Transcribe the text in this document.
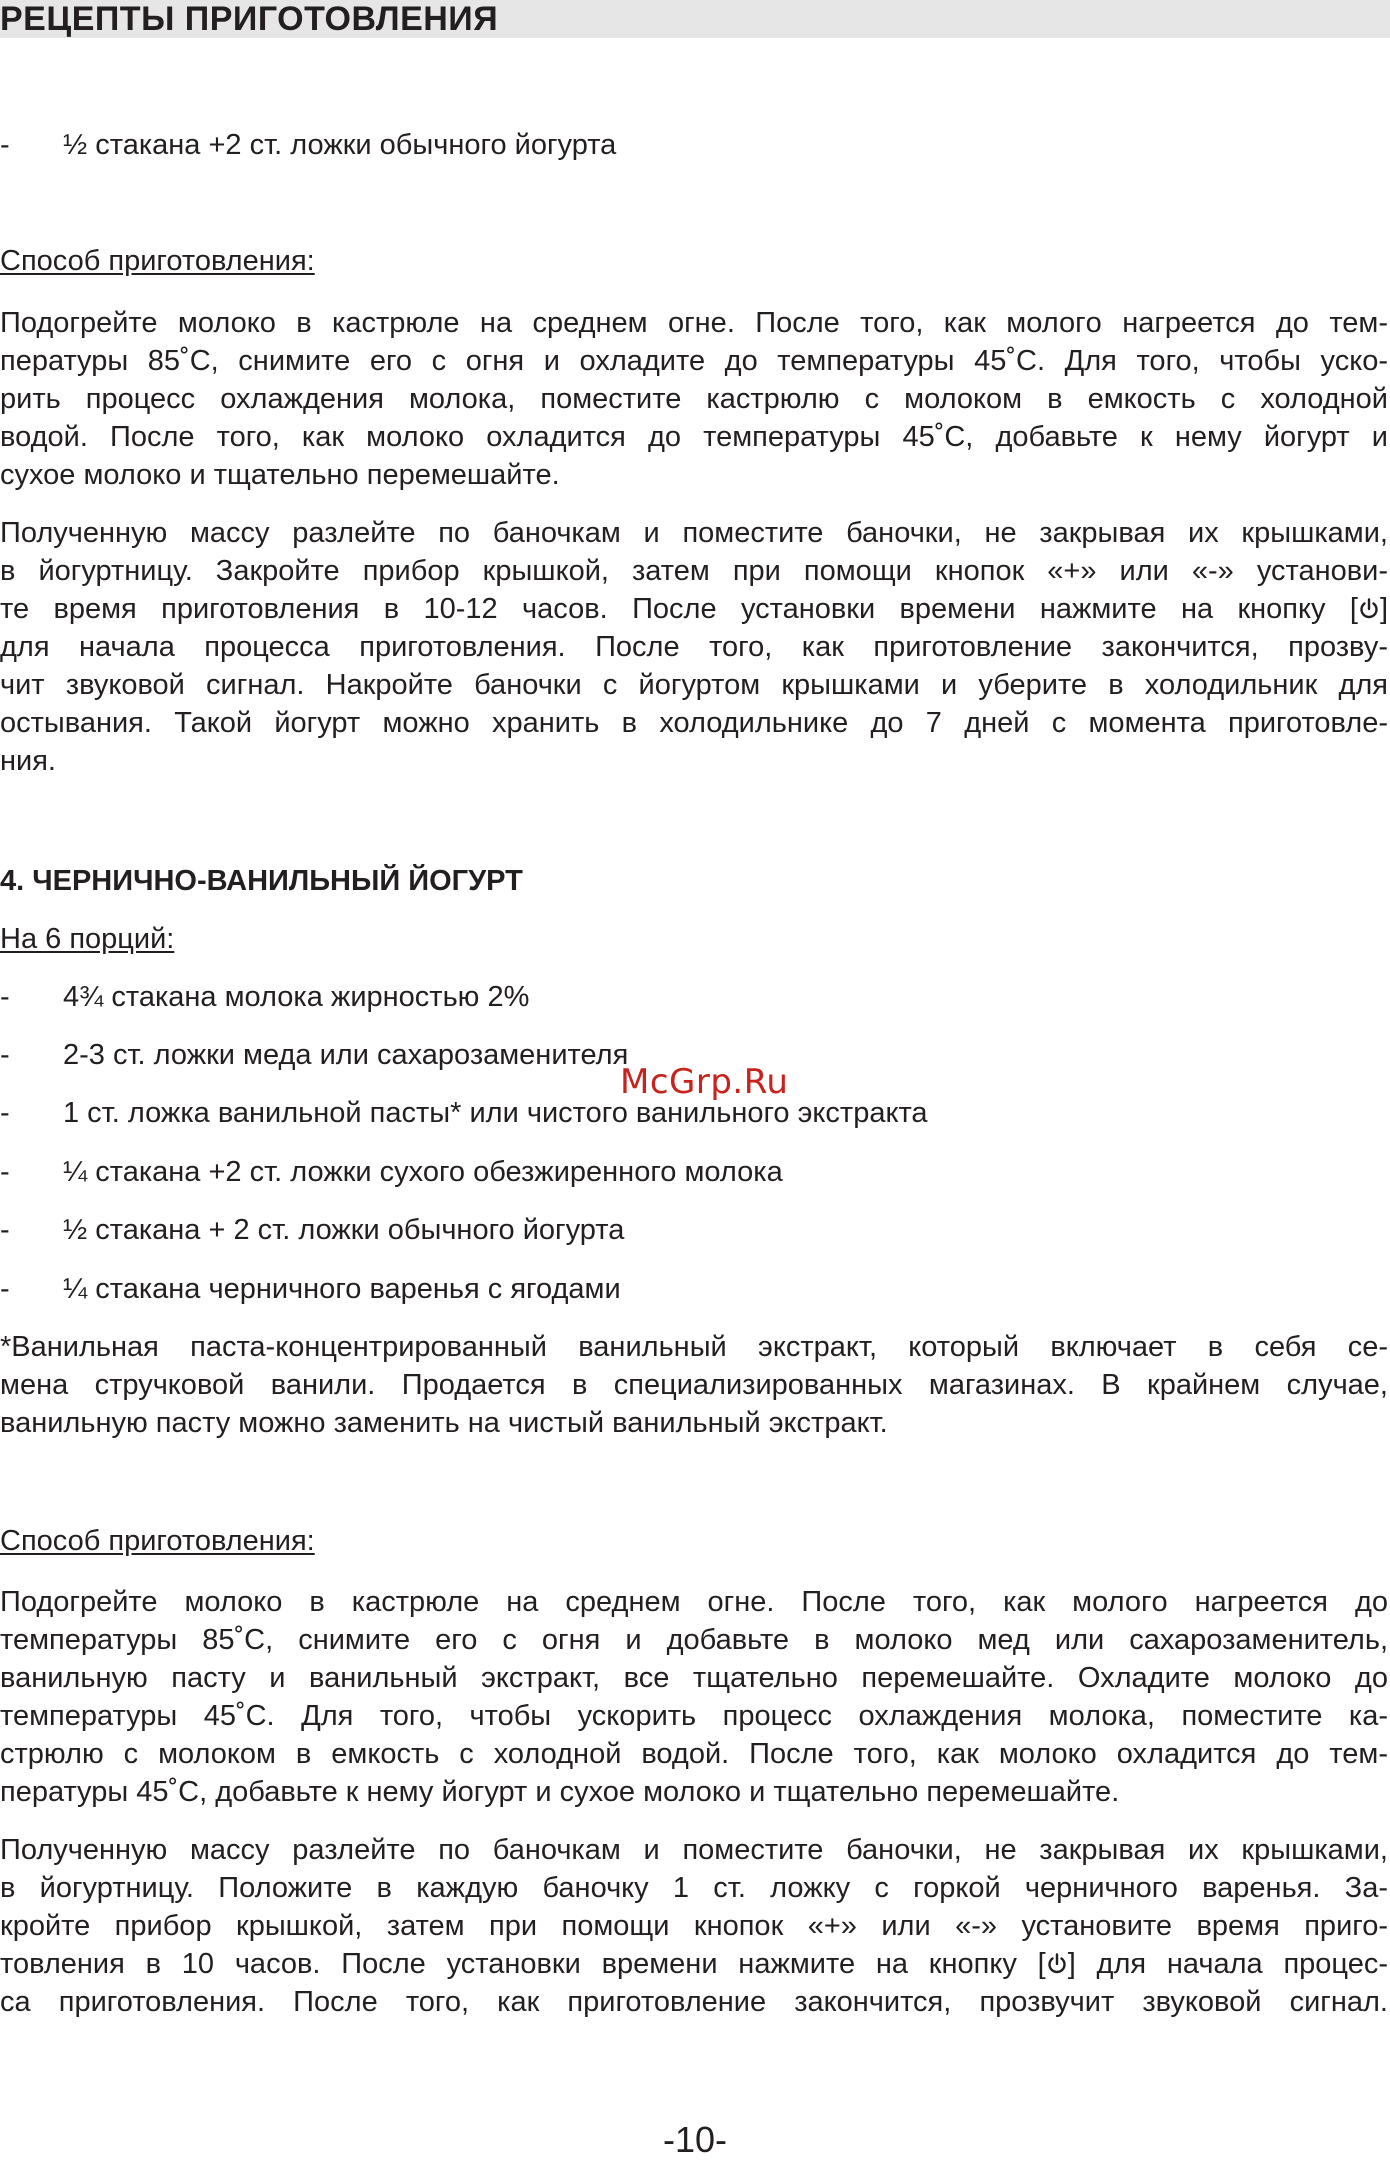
РЕЦЕПТЫ ПРИГОТОВЛЕНИЯ
- ½ стакана +2 ст. ложки обычного йогурта
Способ приготовления:
Подогрейте молоко в кастрюле на среднем огне. После того, как мологo нагреется до тем-
пературы 85˚C, снимите его с огня и охладите до температуры 45˚C. Для того, чтобы уско-
рить процесс охлаждения молока, поместите кастрюлю с молоком в емкость с холодной
водой. После того, как молоко охладится до температуры 45˚C, добавьте к нему йогурт и
сухое молоко и тщательно перемешайте.
Полученную массу разлейте по баночкам и поместите баночки, не закрывая их крышками,
в йогуртницу. Закройте прибор крышкой, затем при помощи кнопок «+» или «-» установи-
те время приготовления в 10-12 часов. После установки времени нажмите на кнопку [ ]
для начала процесса приготовления. После того, как приготовление закончится, прозву-
чит звуковой сигнал. Накройте баночки с йогуртом крышками и уберите в холодильник для
остывания. Такой йогурт можно хранить в холодильнике до 7 дней с момента приготовле-
ния.
4. ЧЕРНИЧНО-ВАНИЛЬНЫЙ ЙОГУРТ
На 6 порций:
- 4¾ стакана молока жирностью 2%
- 2-3 ст. ложки меда или сахарозаменителя
- 1 ст. ложка ванильной пасты* или чистого ванильного экстракта
- ¼ стакана +2 ст. ложки сухого обезжиренного молока
- ½ стакана + 2 ст. ложки обычного йогурта
- ¼ стакана черничного варенья с ягодами
*Ванильная паста-концентрированный ванильный экстракт, который включает в себя се-
мена стручковой ванили. Продается в специализированных магазинах. В крайнем случае,
ванильную пасту можно заменить на чистый ванильный экстракт.
Способ приготовления:
Подогрейте молоко в кастрюле на среднем огне. После того, как мологo нагреется до
температуры 85˚C, снимите его с огня и добавьте в молоко мед или сахарозаменитель,
ванильную пасту и ванильный экстракт, все тщательно перемешайте. Охладите молоко до
температуры 45˚C. Для того, чтобы ускорить процесс охлаждения молока, поместите ка-
стрюлю с молоком в емкость с холодной водой. После того, как молоко охладится до тем-
пературы 45˚C, добавьте к нему йогурт и сухое молоко и тщательно перемешайте.
Полученную массу разлейте по баночкам и поместите баночки, не закрывая их крышками,
в йогуртницу. Положите в каждую баночку 1 ст. ложку с горкой черничного варенья. За-
кройте прибор крышкой, затем при помощи кнопок «+» или «-» установите время приго-
товления в 10 часов. После установки времени нажмите на кнопку [ ] для начала процес-
са приготовления. После того, как приготовление закончится, прозвучит звуковой сигнал.
McGrp.Ru
-10-
